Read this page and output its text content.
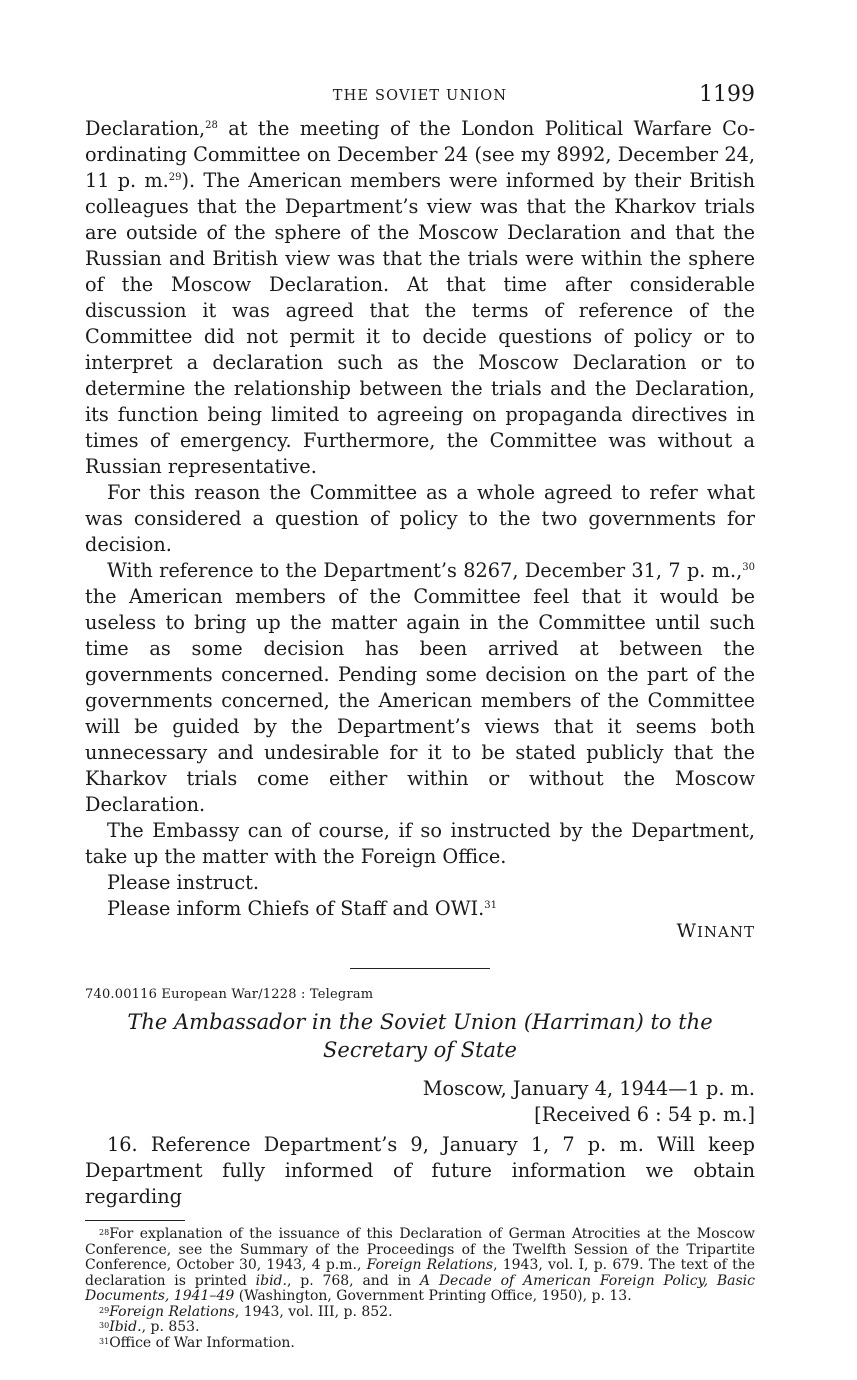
THE SOVIET UNION	1199

Declaration,$^{28}$ at the meeting of the London Political Warfare Co-ordinating Committee on December 24 (see my 8992, December 24, 11 p. m.$^{29}$). The American members were informed by their British colleagues that the Department’s view was that the Kharkov trials are outside of the sphere of the Moscow Declaration and that the Russian and British view was that the trials were within the sphere of the Moscow Declaration. At that time after considerable discussion it was agreed that the terms of reference of the Committee did not permit it to decide questions of policy or to interpret a declaration such as the Moscow Declaration or to determine the relationship between the trials and the Declaration, its function being limited to agreeing on propaganda directives in times of emergency. Furthermore, the Committee was without a Russian representative.

For this reason the Committee as a whole agreed to refer what was considered a question of policy to the two governments for decision.

With reference to the Department’s 8267, December 31, 7 p. m.,$^{30}$ the American members of the Committee feel that it would be useless to bring up the matter again in the Committee until such time as some decision has been arrived at between the governments concerned. Pending some decision on the part of the governments concerned, the American members of the Committee will be guided by the Department’s views that it seems both unnecessary and undesirable for it to be stated publicly that the Kharkov trials come either within or without the Moscow Declaration.

The Embassy can of course, if so instructed by the Department, take up the matter with the Foreign Office.

Please instruct.

Please inform Chiefs of Staff and OWI.$^{31}$

WINANT

740.00116 European War/1228 : Telegram

The Ambassador in the Soviet Union (Harriman) to the Secretary of State

Moscow, January 4, 1944—1 p. m.

[Received 6 : 54 p. m.]

16. Reference Department’s 9, January 1, 7 p. m. Will keep Department fully informed of future information we obtain regarding

$^{28}$For explanation of the issuance of this Declaration of German Atrocities at the Moscow Conference, see the Summary of the Proceedings of the Twelfth Session of the Tripartite Conference, October 30, 1943, 4 p.m., Foreign Relations, 1943, vol. I, p. 679. The text of the declaration is printed ibid., p. 768, and in A Decade of American Foreign Policy, Basic Documents, 1941–49 (Washington, Government Printing Office, 1950), p. 13.

$^{29}$Foreign Relations, 1943, vol. III, p. 852.

$^{30}$Ibid., p. 853.

$^{31}$Office of War Information.
